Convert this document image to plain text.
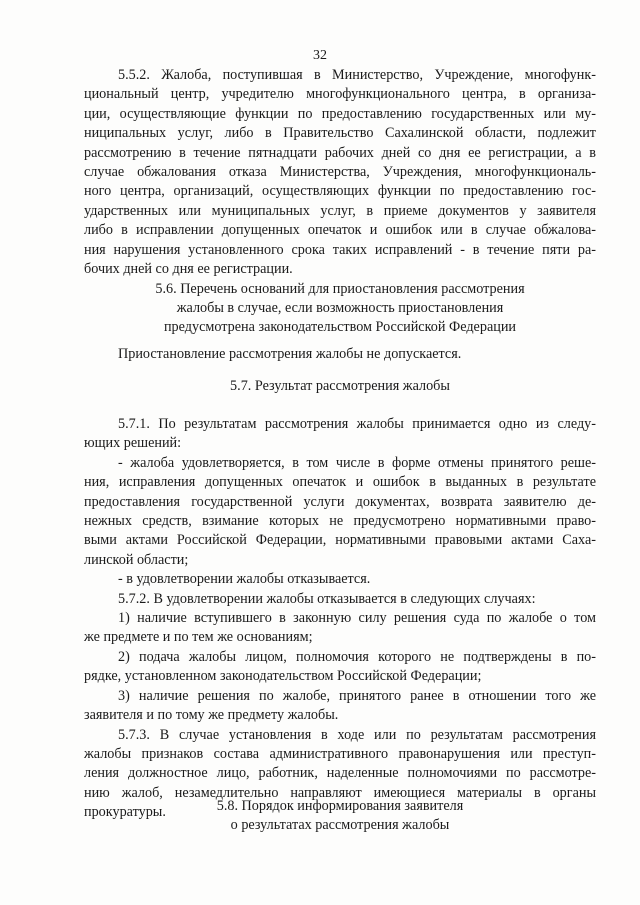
32
5.5.2. Жалоба, поступившая в Министерство, Учреждение, многофунк-
циональный центр, учредителю многофункционального центра, в организа-
ции, осуществляющие функции по предоставлению государственных или му-
ниципальных услуг, либо в Правительство Сахалинской области, подлежит
рассмотрению в течение пятнадцати рабочих дней со дня ее регистрации, а в
случае обжалования отказа Министерства, Учреждения, многофункциональ-
ного центра, организаций, осуществляющих функции по предоставлению гос-
ударственных или муниципальных услуг, в приеме документов у заявителя
либо в исправлении допущенных опечаток и ошибок или в случае обжалова-
ния нарушения установленного срока таких исправлений - в течение пяти ра-
бочих дней со дня ее регистрации.
5.6. Перечень оснований для приостановления рассмотрения
жалобы в случае, если возможность приостановления
предусмотрена законодательством Российской Федерации
Приостановление рассмотрения жалобы не допускается.
5.7. Результат рассмотрения жалобы
5.7.1. По результатам рассмотрения жалобы принимается одно из следу-
ющих решений:
- жалоба удовлетворяется, в том числе в форме отмены принятого реше-
ния, исправления допущенных опечаток и ошибок в выданных в результате
предоставления государственной услуги документах, возврата заявителю де-
нежных средств, взимание которых не предусмотрено нормативными право-
выми актами Российской Федерации, нормативными правовыми актами Саха-
линской области;
- в удовлетворении жалобы отказывается.
5.7.2. В удовлетворении жалобы отказывается в следующих случаях:
1) наличие вступившего в законную силу решения суда по жалобе о том
же предмете и по тем же основаниям;
2) подача жалобы лицом, полномочия которого не подтверждены в по-
рядке, установленном законодательством Российской Федерации;
3) наличие решения по жалобе, принятого ранее в отношении того же
заявителя и по тому же предмету жалобы.
5.7.3. В случае установления в ходе или по результатам рассмотрения
жалобы признаков состава административного правонарушения или преступ-
ления должностное лицо, работник, наделенные полномочиями по рассмотре-
нию жалоб, незамедлительно направляют имеющиеся материалы в органы
прокуратуры.	5.8. Порядок информирования заявителя
о результатах рассмотрения жалобы
